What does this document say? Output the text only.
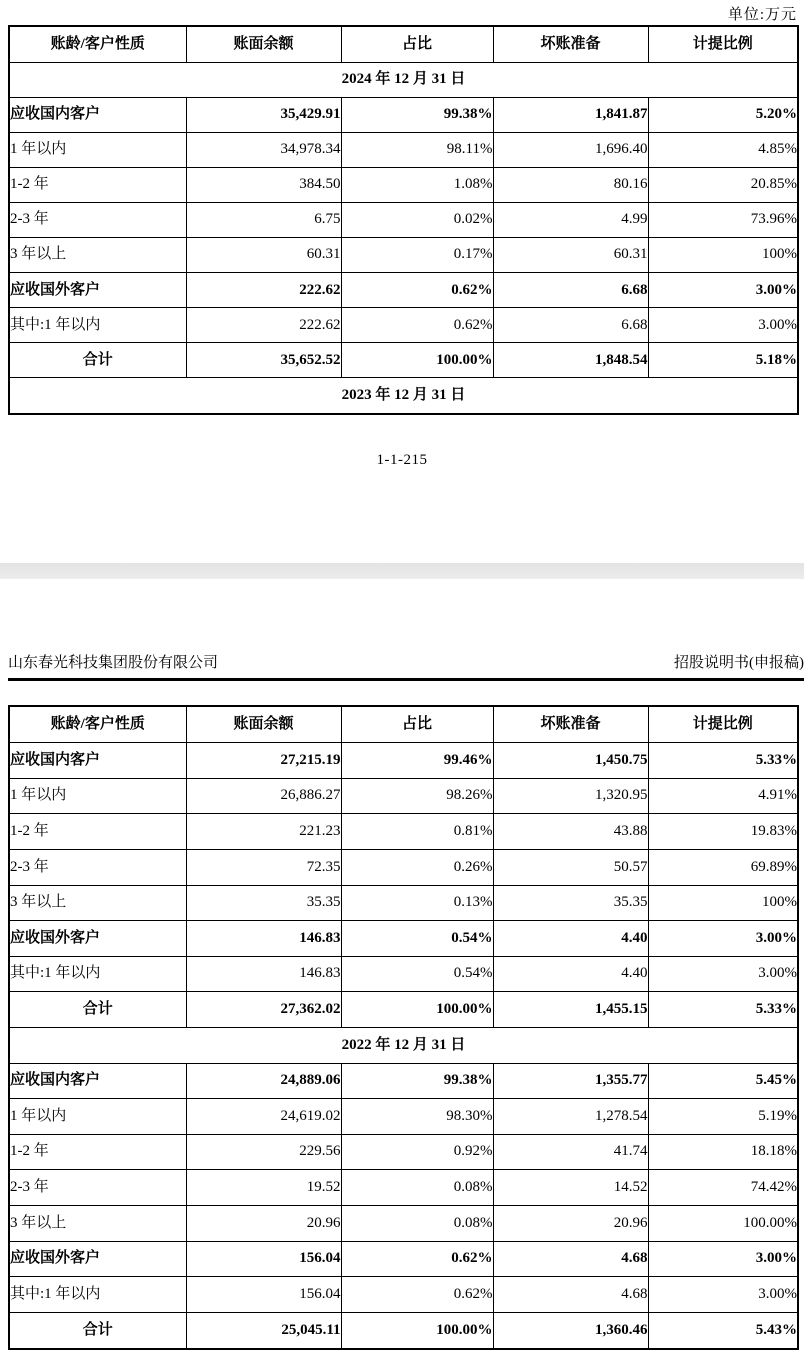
单位:万元
账龄/客户性质	账面余额	占比	坏账准备	计提比例
2024 年 12 月 31 日				
应收国内客户	35,429.91	99.38%	1,841.87	5.20%
1 年以内	34,978.34	98.11%	1,696.40	4.85%
1-2 年	384.50	1.08%	80.16	20.85%
2-3 年	6.75	0.02%	4.99	73.96%
3 年以上	60.31	0.17%	60.31	100%
应收国外客户	222.62	0.62%	6.68	3.00%
其中:1 年以内	222.62	0.62%	6.68	3.00%
合计	35,652.52	100.00%	1,848.54	5.18%
2023 年 12 月 31 日				
1-1-215
山东春光科技集团股份有限公司	招股说明书(申报稿)
账龄/客户性质	账面余额	占比	坏账准备	计提比例
应收国内客户	27,215.19	99.46%	1,450.75	5.33%
1 年以内	26,886.27	98.26%	1,320.95	4.91%
1-2 年	221.23	0.81%	43.88	19.83%
2-3 年	72.35	0.26%	50.57	69.89%
3 年以上	35.35	0.13%	35.35	100%
应收国外客户	146.83	0.54%	4.40	3.00%
其中:1 年以内	146.83	0.54%	4.40	3.00%
合计	27,362.02	100.00%	1,455.15	5.33%
2022 年 12 月 31 日				
应收国内客户	24,889.06	99.38%	1,355.77	5.45%
1 年以内	24,619.02	98.30%	1,278.54	5.19%
1-2 年	229.56	0.92%	41.74	18.18%
2-3 年	19.52	0.08%	14.52	74.42%
3 年以上	20.96	0.08%	20.96	100.00%
应收国外客户	156.04	0.62%	4.68	3.00%
其中:1 年以内	156.04	0.62%	4.68	3.00%
合计	25,045.11	100.00%	1,360.46	5.43%
